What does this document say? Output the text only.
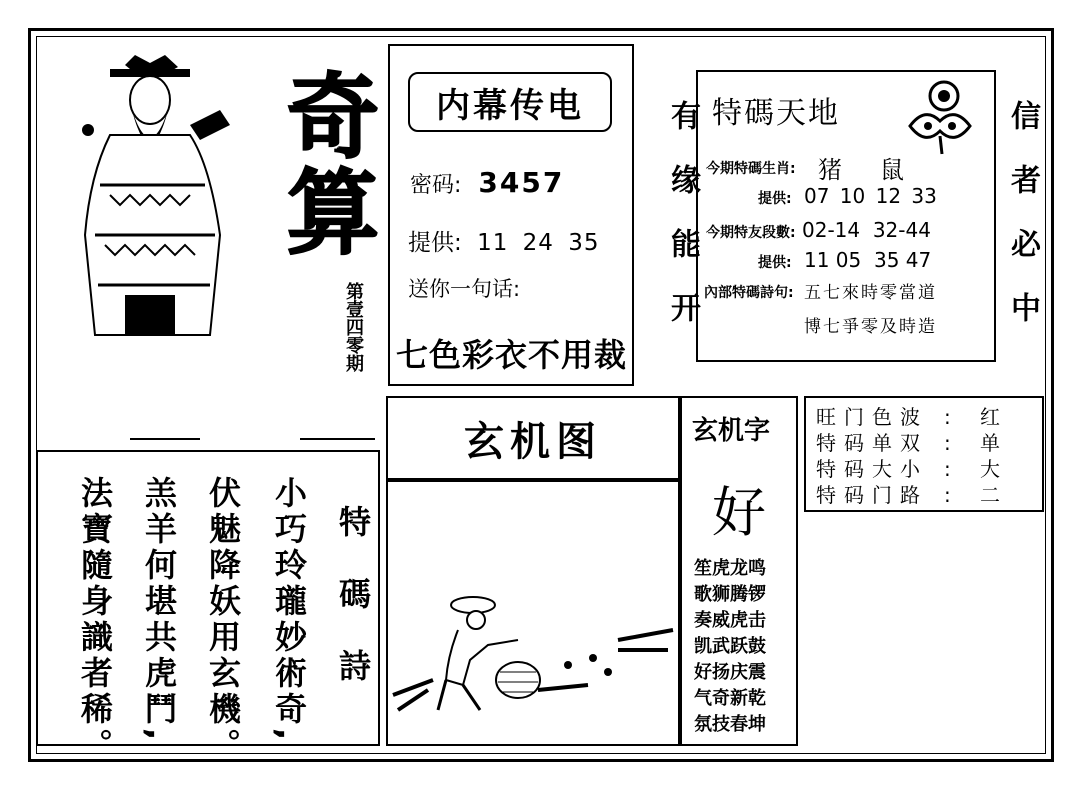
奇算
第壹四零期
内幕传电
密码: 3457
提供: 11 24 35
送你一句话:
七色彩衣不用裁	有缘能开 特碼天地
今期特碼生肖: 猪 鼠
提供: 07 10 12 33
今期特友段數: 02-14  32-44
提供: 11 05  35 47
內部特碼詩句: 五七來時零當道
博七爭零及時造 信者必中
玄机图	玄机字
好
笙虎龙鸣
歌狮腾锣
奏威虎击
凯武跃鼓
好扬庆震
气奇新乾
氛技春坤
旺门色波 :	红
特码单双 :	单
特码大小 :	大
特码门路 :	二
特碼詩
小巧玲瓏妙術奇,
伏魅降妖用玄機。
羔羊何堪共虎鬥,
法寶隨身識者稀。
